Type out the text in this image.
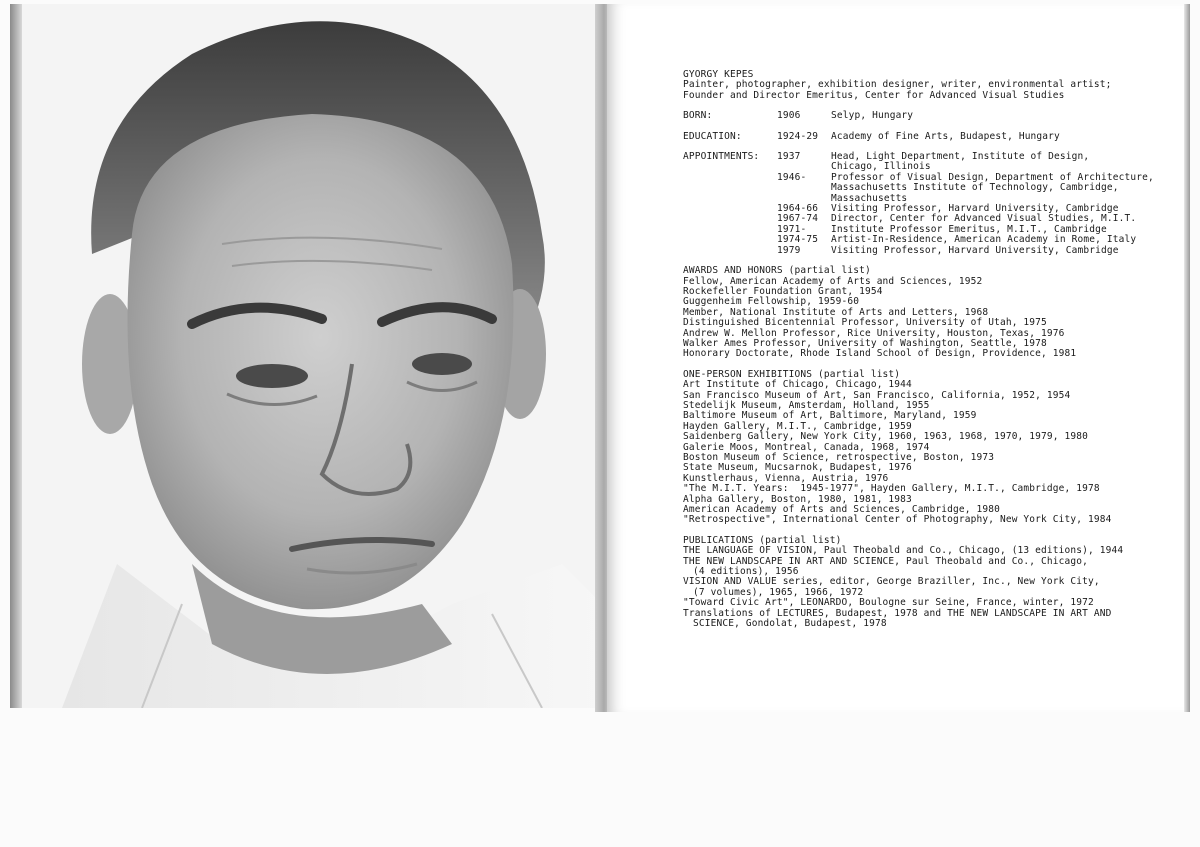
GYORGY KEPES

Painter, photographer, exhibition designer, writer, environmental artist;

Founder and Director Emeritus, Center for Advanced Visual Studies

BORN:	1906	Selyp, Hungary
EDUCATION:	1924-29	Academy of Fine Arts, Budapest, Hungary
APPOINTMENTS:	1937	Head, Light Department, Institute of Design,
Chicago, Illinois
1946-	Professor of Visual Design, Department of Architecture,
Massachusetts Institute of Technology, Cambridge,
Massachusetts
1964-66	Visiting Professor, Harvard University, Cambridge
1967-74	Director, Center for Advanced Visual Studies, M.I.T.
1971-	Institute Professor Emeritus, M.I.T., Cambridge
1974-75	Artist-In-Residence, American Academy in Rome, Italy
1979	Visiting Professor, Harvard University, Cambridge

AWARDS AND HONORS (partial list)

Fellow, American Academy of Arts and Sciences, 1952

Rockefeller Foundation Grant, 1954

Guggenheim Fellowship, 1959-60

Member, National Institute of Arts and Letters, 1968

Distinguished Bicentennial Professor, University of Utah, 1975

Andrew W. Mellon Professor, Rice University, Houston, Texas, 1976

Walker Ames Professor, University of Washington, Seattle, 1978

Honorary Doctorate, Rhode Island School of Design, Providence, 1981

ONE-PERSON EXHIBITIONS (partial list)

Art Institute of Chicago, Chicago, 1944

San Francisco Museum of Art, San Francisco, California, 1952, 1954

Stedelijk Museum, Amsterdam, Holland, 1955

Baltimore Museum of Art, Baltimore, Maryland, 1959

Hayden Gallery, M.I.T., Cambridge, 1959

Saidenberg Gallery, New York City, 1960, 1963, 1968, 1970, 1979, 1980

Galerie Moos, Montreal, Canada, 1968, 1974

Boston Museum of Science, retrospective, Boston, 1973

State Museum, Mucsarnok, Budapest, 1976

Kunstlerhaus, Vienna, Austria, 1976

"The M.I.T. Years:  1945-1977", Hayden Gallery, M.I.T., Cambridge, 1978

Alpha Gallery, Boston, 1980, 1981, 1983

American Academy of Arts and Sciences, Cambridge, 1980

"Retrospective", International Center of Photography, New York City, 1984

PUBLICATIONS (partial list)

THE LANGUAGE OF VISION, Paul Theobald and Co., Chicago, (13 editions), 1944

THE NEW LANDSCAPE IN ART AND SCIENCE, Paul Theobald and Co., Chicago,

(4 editions), 1956

VISION AND VALUE series, editor, George Braziller, Inc., New York City,

(7 volumes), 1965, 1966, 1972

"Toward Civic Art", LEONARDO, Boulogne sur Seine, France, winter, 1972

Translations of LECTURES, Budapest, 1978 and THE NEW LANDSCAPE IN ART AND

SCIENCE, Gondolat, Budapest, 1978
